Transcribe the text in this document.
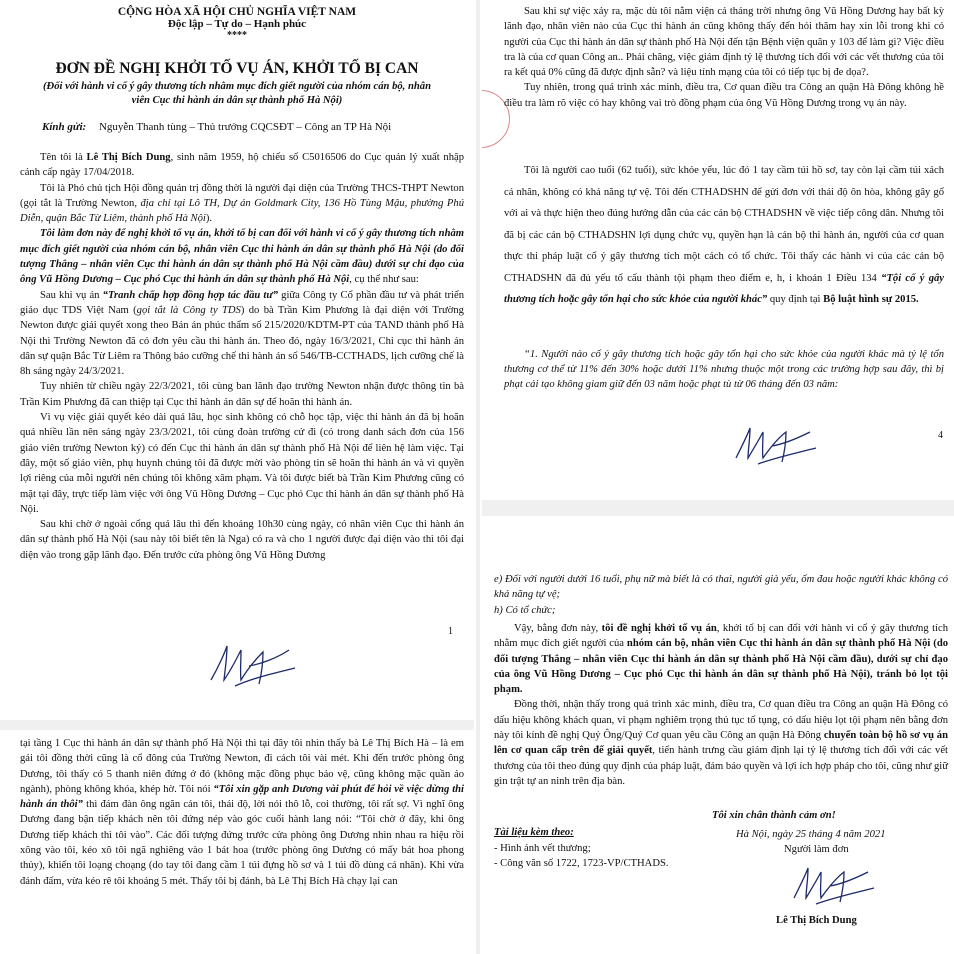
CỘNG HÒA XÃ HỘI CHỦ NGHĨA VIỆT NAM
Độc lập – Tự do – Hạnh phúc
****
ĐƠN ĐỀ NGHỊ KHỞI TỐ VỤ ÁN, KHỞI TỐ BỊ CAN
(Đối với hành vi cố ý gây thương tích nhằm mục đích giết người của nhóm cán bộ, nhân viên Cục thi hành án dân sự thành phố Hà Nội)
Kính gửi: Nguyễn Thanh tùng – Thủ trưởng CQCSĐT – Công an TP Hà Nội

Tên tôi là Lê Thị Bích Dung, sinh năm 1959, hộ chiếu số C5016506 do Cục quản lý xuất nhập cảnh cấp ngày 17/04/2018.

Tôi là Phó chủ tịch Hội đồng quản trị đồng thời là người đại diện của Trường THCS-THPT Newton (gọi tắt là Trường Newton, địa chỉ tại Lô TH, Dự án Goldmark City, 136 Hồ Tùng Mậu, phường Phú Diễn, quận Bắc Từ Liêm, thành phố Hà Nội).

Tôi làm đơn này để nghị khởi tố vụ án, khởi tố bị can đối với hành vi cố ý gây thương tích nhằm mục đích giết người của nhóm cán bộ, nhân viên Cục thi hành án dân sự thành phố Hà Nội (do đối tượng Thắng – nhân viên Cục thi hành án dân sự thành phố Hà Nội cầm đầu) dưới sự chỉ đạo của ông Vũ Hồng Dương – Cục phó Cục thi hành án dân sự thành phố Hà Nội, cụ thể như sau:

Sau khi vụ án “Tranh chấp hợp đồng hợp tác đầu tư” giữa Công ty Cổ phần đầu tư và phát triển giáo dục TDS Việt Nam (gọi tắt là Công ty TDS) do bà Trần Kim Phương là đại diện với Trường Newton được giải quyết xong theo Bản án phúc thẩm số 215/2020/KDTM-PT của TAND thành phố Hà Nội thì Trường Newton đã có đơn yêu cầu thi hành án. Theo đó, ngày 16/3/2021, Chi cục thi hành án dân sự quận Bắc Từ Liêm ra Thông báo cưỡng chế thi hành án số 546/TB-CCTHADS, lịch cưỡng chế là 8h sáng ngày 24/3/2021.

Tuy nhiên từ chiều ngày 22/3/2021, tôi cùng ban lãnh đạo trường Newton nhận được thông tin bà Trần Kim Phương đã can thiệp tại Cục thi hành án dân sự để hoãn thi hành án.

Vì vụ việc giải quyết kéo dài quá lâu, học sinh không có chỗ học tập, việc thi hành án đã bị hoãn quá nhiều lần nên sáng ngày 23/3/2021, tôi cùng đoàn trường cử đi (có trong danh sách đơn của 156 giáo viên trường Newton ký) có đến Cục thi hành án dân sự thành phố Hà Nội để liên hệ làm việc. Tại đây, một số giáo viên, phụ huynh chúng tôi đã được mời vào phòng tin sẽ hoãn thi hành án và vì quyền lợi riêng của mỗi người nên chúng tôi không xâm phạm. Và tôi được biết bà Trần Kim Phương cũng có mặt tại đây, trực tiếp làm việc với ông Vũ Hồng Dương – Cục phó Cục thi hành án dân sự thành phố Hà Nội.

Sau khi chờ ở ngoài cổng quá lâu thì đến khoảng 10h30 cùng ngày, có nhân viên Cục thi hành án dân sự thành phố Hà Nội (sau này tôi biết tên là Nga) có ra và cho 1 người được đại diện vào thì tôi đại diện vào trong gặp lãnh đạo. Đến trước cửa phòng ông Vũ Hồng Dương

1

Sau khi sự việc xảy ra, mặc dù tôi nằm viện cả tháng trời nhưng ông Vũ Hồng Dương hay bất kỳ lãnh đạo, nhân viên nào của Cục thi hành án cũng không thấy đến hỏi thăm hay xin lỗi trong khi có người của Cục thi hành án dân sự thành phố Hà Nội đến tận Bệnh viện quân y 103 để làm gì? Việc điều tra là của cơ quan Công an.. Phải chăng, việc giám định tỷ lệ thương tích đối với các vết thương của tôi ra kết quả 0% cũng đã được định sẵn? và liệu tính mạng của tôi có tiếp tục bị đe dọa?.

Tuy nhiên, trong quá trình xác minh, điều tra, Cơ quan điều tra Công an quận Hà Đông không hề điều tra làm rõ việc có hay không vai trò đồng phạm của ông Vũ Hồng Dương trong vụ án này.

Tôi là người cao tuổi (62 tuổi), sức khỏe yếu, lúc đó 1 tay cầm túi hồ sơ, tay còn lại cầm túi xách cá nhân, không có khả năng tự vệ. Tôi đến CTHADSHN để gửi đơn với thái độ ôn hòa, không gây gổ với ai và thực hiện theo đúng hướng dẫn của các cán bộ CTHADSHN về việc tiếp công dân. Nhưng tôi đã bị các cán bộ CTHADSHN lợi dụng chức vụ, quyền hạn là cán bộ thi hành án, người của cơ quan thực thi pháp luật cố ý gây thương tích một cách có tổ chức. Tôi thấy các hành vi của các cán bộ CTHADSHN đã đủ yếu tố cấu thành tội phạm theo điểm e, h, i khoản 1 Điều 134 “Tội cố ý gây thương tích hoặc gây tổn hại cho sức khỏe của người khác” quy định tại Bộ luật hình sự 2015.

“1. Người nào cố ý gây thương tích hoặc gây tổn hại cho sức khỏe của người khác mà tỷ lệ tổn thương cơ thể từ 11% đến 30% hoặc dưới 11% nhưng thuộc một trong các trường hợp sau đây, thì bị phạt cải tạo không giam giữ đến 03 năm hoặc phạt tù từ 06 tháng đến 03 năm:
4
e) Đối với người dưới 16 tuổi, phụ nữ mà biết là có thai, người già yếu, ốm đau hoặc người khác không có khả năng tự vệ;
h) Có tổ chức;

Vậy, bằng đơn này, tôi đề nghị khởi tố vụ án, khởi tố bị can đối với hành vi cố ý gây thương tích nhằm mục đích giết người của nhóm cán bộ, nhân viên Cục thi hành án dân sự thành phố Hà Nội (do đối tượng Thắng – nhân viên Cục thi hành án dân sự thành phố Hà Nội cầm đầu), dưới sự chỉ đạo của ông Vũ Hồng Dương – Cục phó Cục thi hành án dân sự thành phố Hà Nội), tránh bỏ lọt tội phạm.

Đồng thời, nhận thấy trong quá trình xác minh, điều tra, Cơ quan điều tra Công an quận Hà Đông có dấu hiệu không khách quan, vi phạm nghiêm trọng thủ tục tố tụng, có dấu hiệu lọt tội phạm nên bằng đơn này tôi kính đề nghị Quý Ông/Quý Cơ quan yêu cầu Công an quận Hà Đông chuyển toàn bộ hồ sơ vụ án lên cơ quan cấp trên để giải quyết, tiến hành trưng cầu giám định lại tỷ lệ thương tích đối với các vết thương của tôi theo đúng quy định của pháp luật, đảm bảo quyền và lợi ích hợp pháp cho tôi, cũng như giữ gìn trật tự an ninh trên địa bàn.

Tôi xin chân thành cảm ơn!
Tài liệu kèm theo:
- Hình ảnh vết thương;
- Công văn số 1722, 1723-VP/CTHADS.
Hà Nội, ngày 25 tháng 4 năm 2021
Người làm đơn
Lê Thị Bích Dung

tại tầng 1 Cục thi hành án dân sự thành phố Hà Nội thì tại đây tôi nhìn thấy bà Lê Thị Bích Hà – là em gái tôi đồng thời cũng là cổ đông của Trường Newton, đi cách tôi vài mét. Khi đến trước phòng ông Dương, tôi thấy có 5 thanh niên đứng ở đó (không mặc đồng phục bảo vệ, cũng không mặc quần áo ngành), phòng không khóa, khép hờ. Tôi nói “Tôi xin gặp anh Dương vài phút để hỏi về việc dừng thi hành án thôi” thì đám đàn ông ngăn cản tôi, thái độ, lời nói thô lỗ, coi thường, tôi rất sợ. Vì nghĩ ông Dương đang bận tiếp khách nên tôi đứng nép vào góc cuối hành lang nói: “Tôi chờ ở đây, khi ông Dương tiếp khách thì tôi vào”. Các đối tượng đứng trước cửa phòng ông Dương nhìn nhau ra hiệu rồi xông vào tôi, kéo xô tôi ngã nghiêng vào 1 bát hoa (trước phòng ông Dương có mấy bát hoa phong thủy), khiến tôi loạng choạng (do tay tôi đang cầm 1 túi đựng hồ sơ và 1 túi đồ dùng cá nhân). Khi vừa đánh đấm, vừa kéo rê tôi khoảng 5 mét. Thấy tôi bị đánh, bà Lê Thị Bích Hà chạy lại can
